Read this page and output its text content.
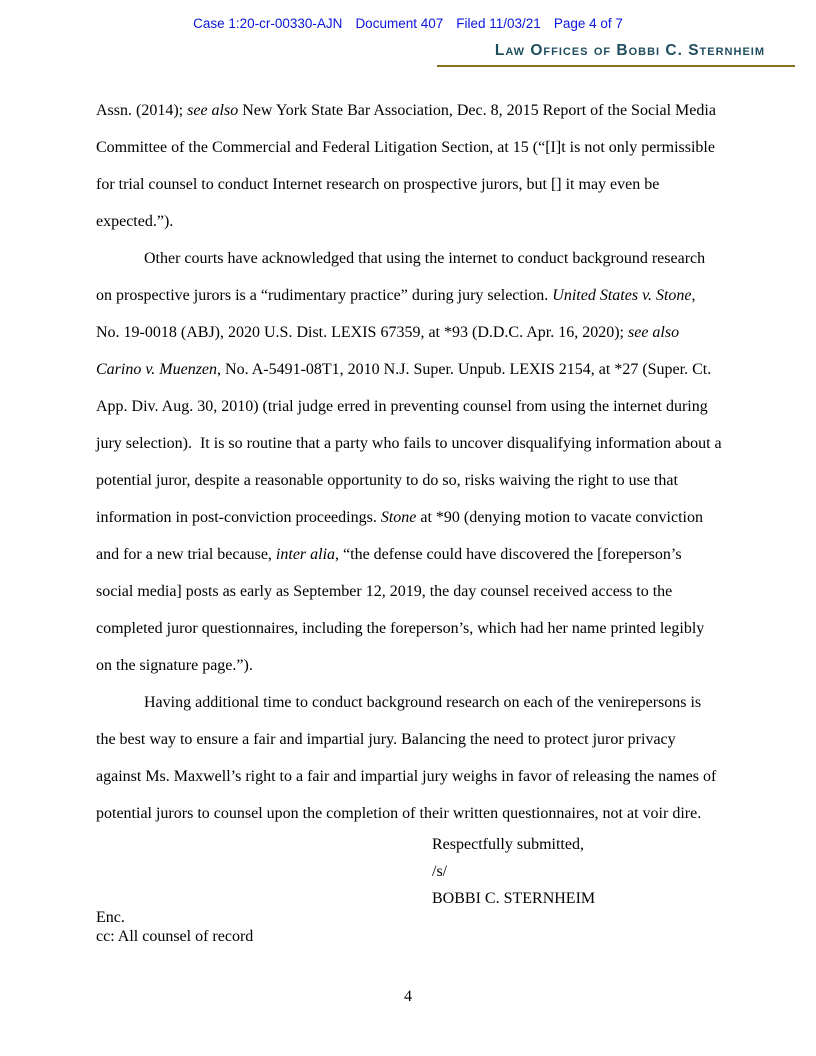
Case 1:20-cr-00330-AJN Document 407 Filed 11/03/21 Page 4 of 7
Law Offices of Bobbi C. Sternheim

Assn. (2014); see also New York State Bar Association, Dec. 8, 2015 Report of the Social Media Committee of the Commercial and Federal Litigation Section, at 15 (“[I]t is not only permissible for trial counsel to conduct Internet research on prospective jurors, but [] it may even be expected.”).

Other courts have acknowledged that using the internet to conduct background research on prospective jurors is a “rudimentary practice” during jury selection. United States v. Stone, No. 19-0018 (ABJ), 2020 U.S. Dist. LEXIS 67359, at *93 (D.D.C. Apr. 16, 2020); see also Carino v. Muenzen, No. A-5491-08T1, 2010 N.J. Super. Unpub. LEXIS 2154, at *27 (Super. Ct. App. Div. Aug. 30, 2010) (trial judge erred in preventing counsel from using the internet during jury selection).  It is so routine that a party who fails to uncover disqualifying information about a potential juror, despite a reasonable opportunity to do so, risks waiving the right to use that information in post-conviction proceedings. Stone at *90 (denying motion to vacate conviction and for a new trial because, inter alia, “the defense could have discovered the [foreperson’s social media] posts as early as September 12, 2019, the day counsel received access to the completed juror questionnaires, including the foreperson’s, which had her name printed legibly on the signature page.”).

Having additional time to conduct background research on each of the venirepersons is the best way to ensure a fair and impartial jury. Balancing the need to protect juror privacy against Ms. Maxwell’s right to a fair and impartial jury weighs in favor of releasing the names of potential jurors to counsel upon the completion of their written questionnaires, not at voir dire.

Respectfully submitted,
/s/
BOBBI C. STERNHEIM
Enc.
cc: All counsel of record
4
